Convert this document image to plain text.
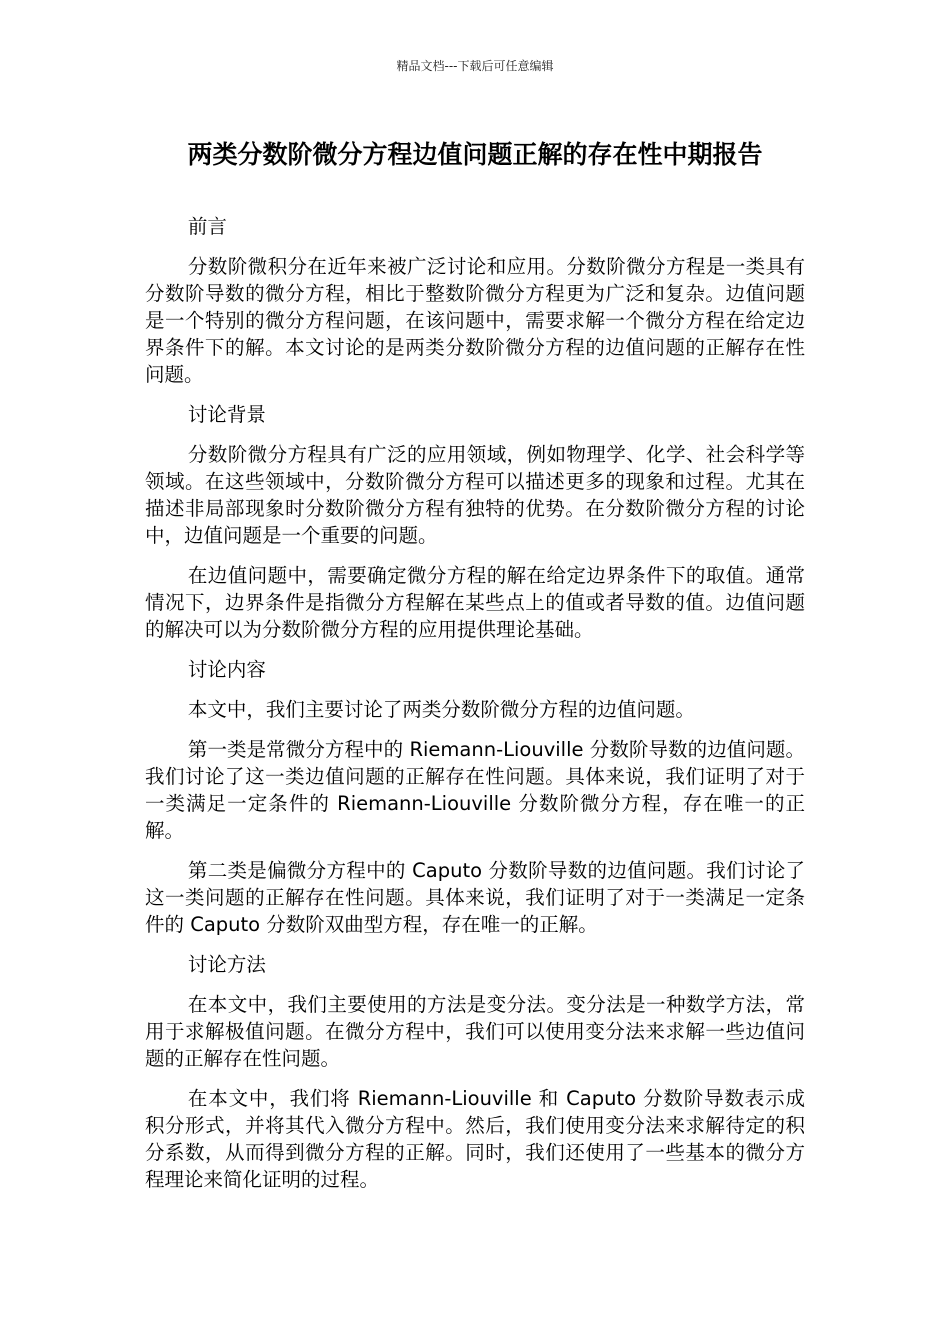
精品文档---下载后可任意编辑
两类分数阶微分方程边值问题正解的存在性中期报告

前言

分数阶微积分在近年来被广泛讨论和应用。分数阶微分方程是一类具有分数阶导数的微分方程，相比于整数阶微分方程更为广泛和复杂。边值问题是一个特别的微分方程问题，在该问题中，需要求解一个微分方程在给定边界条件下的解。本文讨论的是两类分数阶微分方程的边值问题的正解存在性问题。

讨论背景

分数阶微分方程具有广泛的应用领域，例如物理学、化学、社会科学等领域。在这些领域中，分数阶微分方程可以描述更多的现象和过程。尤其在描述非局部现象时分数阶微分方程有独特的优势。在分数阶微分方程的讨论中，边值问题是一个重要的问题。

在边值问题中，需要确定微分方程的解在给定边界条件下的取值。通常情况下，边界条件是指微分方程解在某些点上的值或者导数的值。边值问题的解决可以为分数阶微分方程的应用提供理论基础。

讨论内容

本文中，我们主要讨论了两类分数阶微分方程的边值问题。

第一类是常微分方程中的 Riemann-Liouville 分数阶导数的边值问题。我们讨论了这一类边值问题的正解存在性问题。具体来说，我们证明了对于一类满足一定条件的 Riemann-Liouville 分数阶微分方程，存在唯一的正解。

第二类是偏微分方程中的 Caputo 分数阶导数的边值问题。我们讨论了这一类问题的正解存在性问题。具体来说，我们证明了对于一类满足一定条件的 Caputo 分数阶双曲型方程，存在唯一的正解。

讨论方法

在本文中，我们主要使用的方法是变分法。变分法是一种数学方法，常用于求解极值问题。在微分方程中，我们可以使用变分法来求解一些边值问题的正解存在性问题。

在本文中，我们将 Riemann-Liouville 和 Caputo 分数阶导数表示成积分形式，并将其代入微分方程中。然后，我们使用变分法来求解待定的积分系数，从而得到微分方程的正解。同时，我们还使用了一些基本的微分方程理论来简化证明的过程。
